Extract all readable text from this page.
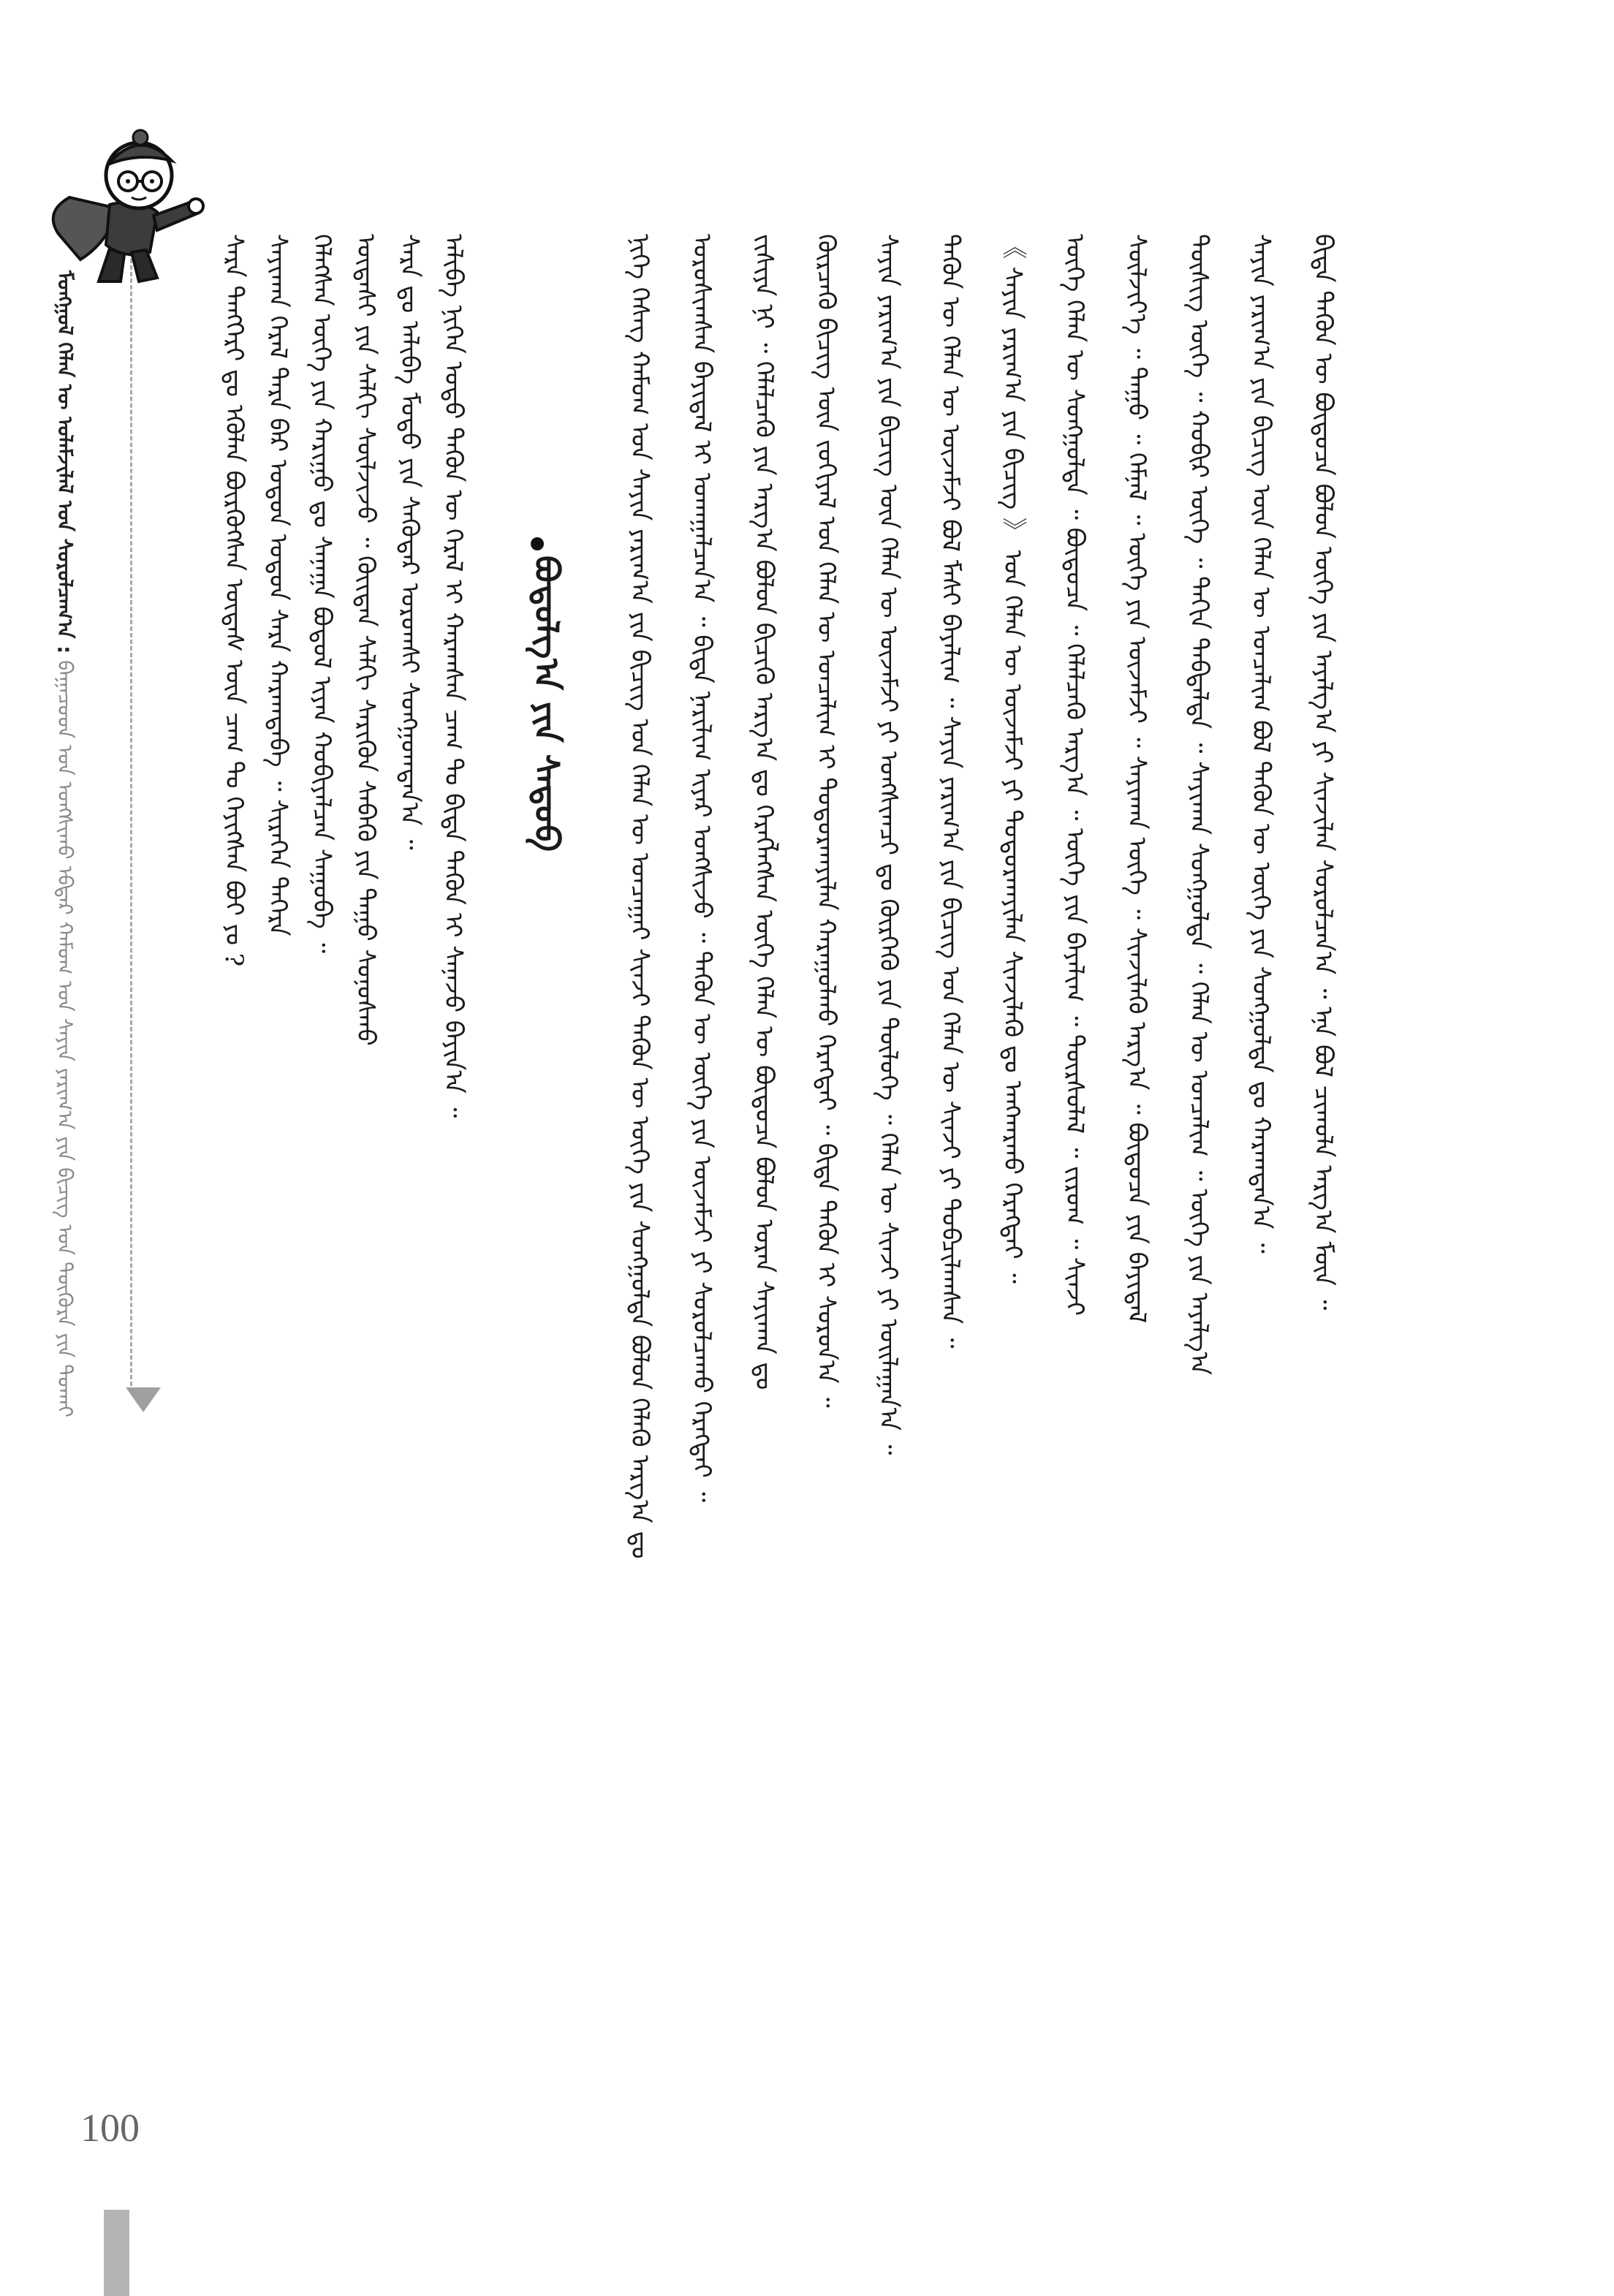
ᠮᠣᠩᠭᠣᠯ ᠬᠡᠯᠡᠨ ᠦ ᠤᠯᠠᠮᠵᠢᠯᠠᠯ ᠤᠨ ᠰᠤᠷᠤᠯᠴᠠᠭ᠎ᠠ : ᠪᠠᠭᠠᠴᠤᠳ ᠤᠨ ᠤᠩᠰᠢᠬᠤ ᠡᠪᠳᠡᠷ ᠬᠠᠮᠤᠭ ᠤᠨ ᠰᠠᠶᠢᠨ ᠶᠠᠷᠢᠭ᠎ᠠ ᠶᠢᠨ ᠪᠢᠴᠢᠭ᠌ ᠤᠨ ᠲᠦᠭᠦᠷᠡ ᠶᠢᠨ ᠲᠤᠬᠠᠢ
ᠰᠠᠷᠠ ᠲᠡᠩᠭᠡᠷᠢ ᠳᠤ ᠡᠭᠦᠯᠡᠨ ᠪᠦᠷᠬᠦᠭᠰᠡᠨ ᠦᠳᠡᠰ ᠦᠨ ᠴᠠᠭ ᠲᠤ ᠭᠡᠶᠢᠭᠰᠡᠨ ᠪᠤᠢ ᠶᠤ ? ᠰᠠᠶᠢᠬᠠᠨ ᠭᠡᠷᠡᠯ ᠲᠡᠷᠡ ᠪᠡᠷ ᠣᠳᠤᠨ ᠣᠳᠤᠨ ᠰᠠᠷᠠ ᠬᠠᠷᠠᠭᠳᠠᠪᠠ ᠃ ᠰᠢᠷᠡᠭᠡᠨ ᠳᠡᠭᠡᠷᠡ ᠬᠡᠯᠡᠭᠰᠡᠨ ᠦᠭᠡ ᠶᠢᠨ ᠬᠠᠷᠢᠭᠤ ᠳᠤ ᠰᠠᠨᠠᠭᠠ ᠪᠤᠳᠤᠯ ᠢᠶᠠᠨ ᠬᠤᠪᠢᠶᠠᠯᠴᠠᠨ ᠰᠠᠭᠤᠪᠠ ᠃ ᠦᠳᠡᠰᠢ ᠶᠢᠨ ᠰᠠᠯᠬᠢ ᠰᠦᠯᠵᠢᠵᠦ ᠃ ᠬᠦᠢᠲᠡᠨ ᠰᠠᠯᠬᠢ ᠰᠡᠷᠢᠭᠦᠨ ᠰᠡᠪᠡᠬᠦ ᠶᠢᠨ ᠳᠠᠭᠤ ᠰᠣᠨᠣᠰᠬᠤ ᠰᠠᠷᠠ ᠳᠤ ᠠᠯᠢᠪᠠ ᠮᠣᠳᠣ ᠶᠢᠨ ᠰᠡᠭᠦᠳᠡᠷ ᠤᠷᠤᠭᠰᠢ ᠰᠤᠩᠭᠤᠭᠳᠠᠨ᠎ᠠ ᠃ ᠠᠯᠢᠪᠠ ᠨᠢᠭᠡᠨ ᠣᠳᠤ ᠲᠡᠭᠦᠨ ᠦ ᠭᠡᠷᠡᠯ ᠢ ᠬᠠᠷᠠᠭᠰᠠᠨ ᠴᠠᠭ ᠲᠤ ᠪᠢᠳᠡ ᠲᠡᠭᠦᠨ ᠢ ᠰᠠᠨᠠᠵᠤ ᠪᠠᠶᠢᠨ᠎ᠠ ᠃ ᠪᠣᠳᠣᠯᠭ᠎ᠠ ᠶᠢᠨ ᠰᠡᠳᠦᠪ	ᠨᠢᠭᠡ ᠬᠡᠰᠡᠭ ᠬᠠᠮᠤᠭ ᠤᠨ ᠰᠠᠶᠢᠨ ᠶᠠᠷᠢᠭ᠎ᠠ ᠶᠢᠨ ᠪᠢᠴᠢᠭ᠌ ᠤᠨ ᠬᠡᠯᠡᠨ ᠦ ᠤᠨᠴᠠᠭᠠᠢ ᠰᠢᠨᠵᠢ ᠲᠡᠭᠦᠨ ᠦ ᠦᠭᠡ ᠶᠢᠨ ᠰᠣᠩᠭᠣᠯᠲᠠ ᠪᠣᠯᠤᠨ ᠬᠡᠯᠡᠬᠦ ᠠᠷᠭ᠎ᠠ ᠳᠤ ᠣᠷᠣᠰᠢᠭᠰᠠᠨ ᠪᠠᠶᠢᠳᠠᠯ ᠢ ᠤᠬᠠᠭᠠᠯᠴᠠᠨ᠎ᠠ ᠃ ᠪᠢᠳᠡ ᠨᠠᠷᠢᠯᠢᠭ ᠢᠶᠠᠷ ᠤᠩᠰᠢᠵᠤ ᠃ ᠲᠡᠭᠦᠨ ᠦ ᠦᠭᠡ ᠶᠢᠨ ᠦᠵᠡᠮᠵᠢ ᠶᠢ ᠰᠤᠷᠤᠯᠴᠠᠬᠤ ᠬᠡᠷᠡᠭᠲᠡᠢ ᠃ ᠵᠢᠱᠢᠶᠡ ᠨᠢ ᠃ ᠬᠡᠯᠡᠯᠴᠡᠬᠦ ᠶᠢᠨ ᠠᠷᠭ᠎ᠠ ᠪᠣᠯᠤᠨ ᠪᠢᠴᠢᠬᠦ ᠠᠷᠭ᠎ᠠ ᠳᠤ ᠬᠡᠷᠡᠭᠯᠡᠭᠰᠡᠨ ᠦᠭᠡ ᠬᠡᠯᠡᠨ ᠦ ᠪᠦᠲᠦᠴᠡ ᠪᠣᠯᠤᠨ ᠤᠷᠠᠨ ᠰᠠᠶᠢᠬᠠᠨ ᠳᠤ ᠬᠦᠷᠴᠡᠭᠦ ᠪᠢᠴᠢᠭ᠌ ᠦᠨ ᠵᠣᠬᠢᠶᠠᠯ ᠤᠨ ᠬᠡᠯᠡᠨ ᠦ ᠣᠨᠴᠠᠯᠢᠭ ᠢ ᠲᠣᠳᠣᠷᠬᠠᠶᠢᠯᠠᠨ ᠬᠠᠷᠠᠭᠤᠯᠬᠤ ᠬᠡᠷᠡᠭᠲᠡᠢ ᠃ ᠪᠢᠳᠡ ᠲᠡᠭᠦᠨ ᠢ ᠰᠤᠷᠤᠨ᠎ᠠ ᠃ ᠰᠠᠶᠢᠨ ᠶᠠᠷᠢᠭ᠎ᠠ ᠶᠢᠨ ᠪᠢᠴᠢᠭ᠌ ᠦᠨ ᠬᠡᠯᠡᠨ ᠦ ᠦᠵᠡᠮᠵᠢ ᠶᠢ ᠤᠩᠰᠢᠭᠴᠢ ᠳᠤ ᠬᠦᠷᠭᠡᠬᠦ ᠶᠢᠨ ᠲᠦᠯᠦᠭᠡ ᠃ ᠬᠡᠯᠡᠨ ᠦ ᠰᠢᠨᠵᠢ ᠶᠢ ᠣᠢᠯᠠᠭᠠᠨ᠎ᠠ ᠃ ᠲᠡᠭᠦᠨ ᠦ ᠬᠡᠯᠡᠨ ᠦ ᠦᠵᠡᠮᠵᠢ ᠪᠣᠯ ᠮᠠᠰᠢ ᠪᠠᠶᠠᠯᠢᠭ ᠃ ᠰᠠᠶᠢᠨ ᠶᠠᠷᠢᠭ᠎ᠠ ᠶᠢᠨ ᠪᠢᠴᠢᠭ᠌ ᠤᠨ ᠬᠡᠯᠡᠨ ᠦ ᠰᠢᠨᠵᠢ ᠶᠢ ᠲᠣᠪᠴᠢᠯᠠᠭᠰᠠᠨ ᠃ 《 ᠰᠠᠶᠢᠨ ᠶᠠᠷᠢᠭ᠎ᠠ ᠶᠢᠨ ᠪᠢᠴᠢᠭ᠌ 》 ᠤᠨ ᠬᠡᠯᠡᠨ ᠦ ᠦᠵᠡᠮᠵᠢ ᠶᠢ ᠲᠣᠳᠣᠷᠬᠠᠶᠢᠯᠠᠨ ᠰᠢᠨᠵᠢᠯᠡᠬᠦ ᠳᠤ ᠠᠩᠬᠠᠷᠬᠤ ᠬᠡᠷᠡᠭᠲᠡᠢ ᠃ ᠦᠭᠡ ᠬᠡᠯᠡᠨ ᠦ ᠰᠣᠩᠭᠣᠯᠲᠠ ᠃ ᠪᠦᠲᠦᠴᠡ ᠃ ᠬᠡᠯᠡᠯᠴᠡᠬᠦ ᠠᠷᠭ᠎ᠠ ᠃ ᠦᠭᠡ ᠶᠢᠨ ᠪᠠᠶᠠᠯᠢᠭ ᠃ ᠳᠦᠷᠰᠦᠯᠡᠯ ᠃ ᠵᠢᠷᠤᠭ ᠃ ᠰᠢᠨᠵᠢ ᠰᠦᠯᠵᠢᠶ᠎ᠡ ᠃ ᠳᠠᠭᠤ ᠃ ᠬᠡᠮᠨᠡᠯ ᠃ ᠦᠭᠡ ᠶᠢᠨ ᠦᠵᠡᠮᠵᠢ ᠃ ᠰᠠᠶᠢᠬᠠᠨ ᠦᠭᠡ ᠃ ᠰᠢᠨᠵᠢᠯᠡᠬᠦ ᠠᠷᠭ᠎ᠠ ᠃ ᠪᠦᠲᠦᠴᠡ ᠶᠢᠨ ᠪᠠᠶᠢᠳᠠᠯ ᠲᠦᠰᠢᠭ ᠦᠭᠡ ᠃ ᠬᠣᠪᠢᠷ ᠦᠭᠡ ᠃ ᠳᠠᠬᠢᠨ ᠳᠠᠪᠲᠠᠯᠲᠠ ᠃ ᠰᠠᠶᠢᠬᠠᠨ ᠰᠣᠩᠭᠣᠯᠲᠠ ᠃ ᠬᠡᠯᠡᠨ ᠦ ᠣᠨᠴᠠᠯᠢᠭ ᠃ ᠦᠭᠡ ᠶᠢᠨ ᠠᠶᠠᠯᠭ᠎ᠠ ᠰᠠᠶᠢᠨ ᠶᠠᠷᠢᠭ᠎ᠠ ᠶᠢᠨ ᠪᠢᠴᠢᠭ᠌ ᠦᠨ ᠬᠡᠯᠡᠨ ᠦ ᠣᠨᠴᠠᠯᠢᠭ ᠪᠣᠯ ᠲᠡᠭᠦᠨ ᠦ ᠦᠭᠡ ᠶᠢᠨ ᠰᠣᠩᠭᠣᠯᠲᠠ ᠳᠤ ᠬᠠᠷᠠᠭᠳᠠᠨ᠎ᠠ ᠃ ᠪᠢᠳᠡ ᠲᠡᠭᠦᠨ ᠦ ᠪᠦᠲᠦᠴᠡ ᠪᠣᠯᠤᠨ ᠦᠭᠡ ᠶᠢᠨ ᠠᠶᠠᠯᠭ᠎ᠠ ᠶᠢ ᠰᠢᠨᠵᠢᠯᠡᠨ ᠰᠤᠷᠤᠯᠴᠠᠨ᠎ᠠ ᠃ ᠡᠨᠡ ᠪᠣᠯ ᠴᠢᠬᠤᠯᠠ ᠠᠷᠭ᠎ᠠ ᠮᠥᠨ ᠃
100
